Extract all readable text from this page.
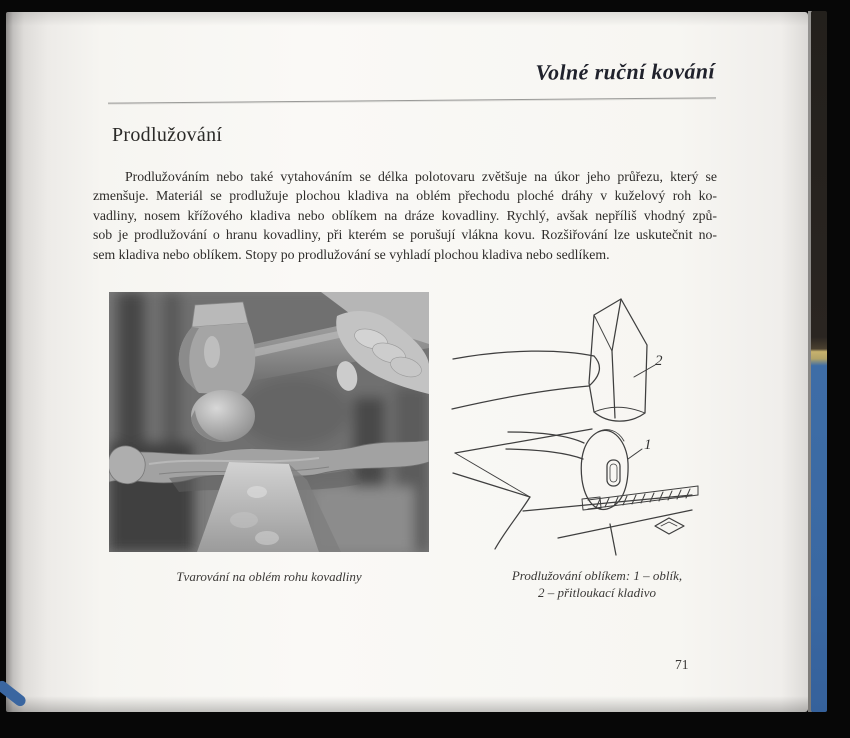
Volné ruční kování
Prodlužování
Prodlužováním nebo také vytahováním se délka polotovaru zvětšuje na úkor jeho průřezu, který se
zmenšuje. Materiál se prodlužuje plochou kladiva na oblém přechodu ploché dráhy v kuželový roh ko-
vadliny, nosem křížového kladiva nebo oblíkem na dráze kovadliny. Rychlý, avšak nepříliš vhodný způ-
sob je prodlužování o hranu kovadliny, při kterém se porušují vlákna kovu. Rozšiřování lze uskutečnit no-
sem kladiva nebo oblíkem. Stopy po prodlužování se vyhladí plochou kladiva nebo sedlíkem.
2
1
Tvarování na oblém rohu kovadliny	Prodlužování oblíkem: 1 – oblík,
2 – přitloukací kladivo
71
